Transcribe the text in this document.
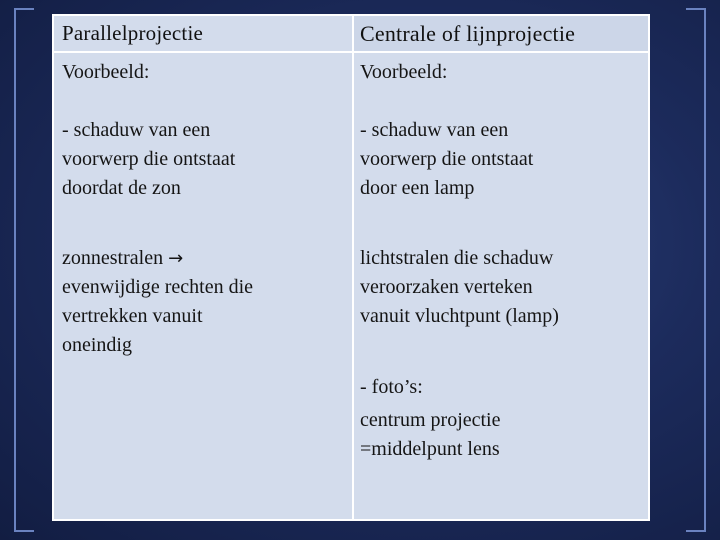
Parallelprojectie	Centrale of lijnprojectie
Voorbeeld:
- schaduw van een
voorwerp die ontstaat
doordat de zon
zonnestralen →
evenwijdige rechten die
vertrekken vanuit
oneindig
Voorbeeld:
- schaduw van een
voorwerp die ontstaat
door een lamp
lichtstralen die schaduw
veroorzaken verteken
vanuit vluchtpunt (lamp)
- foto’s:
centrum projectie
=middelpunt lens
